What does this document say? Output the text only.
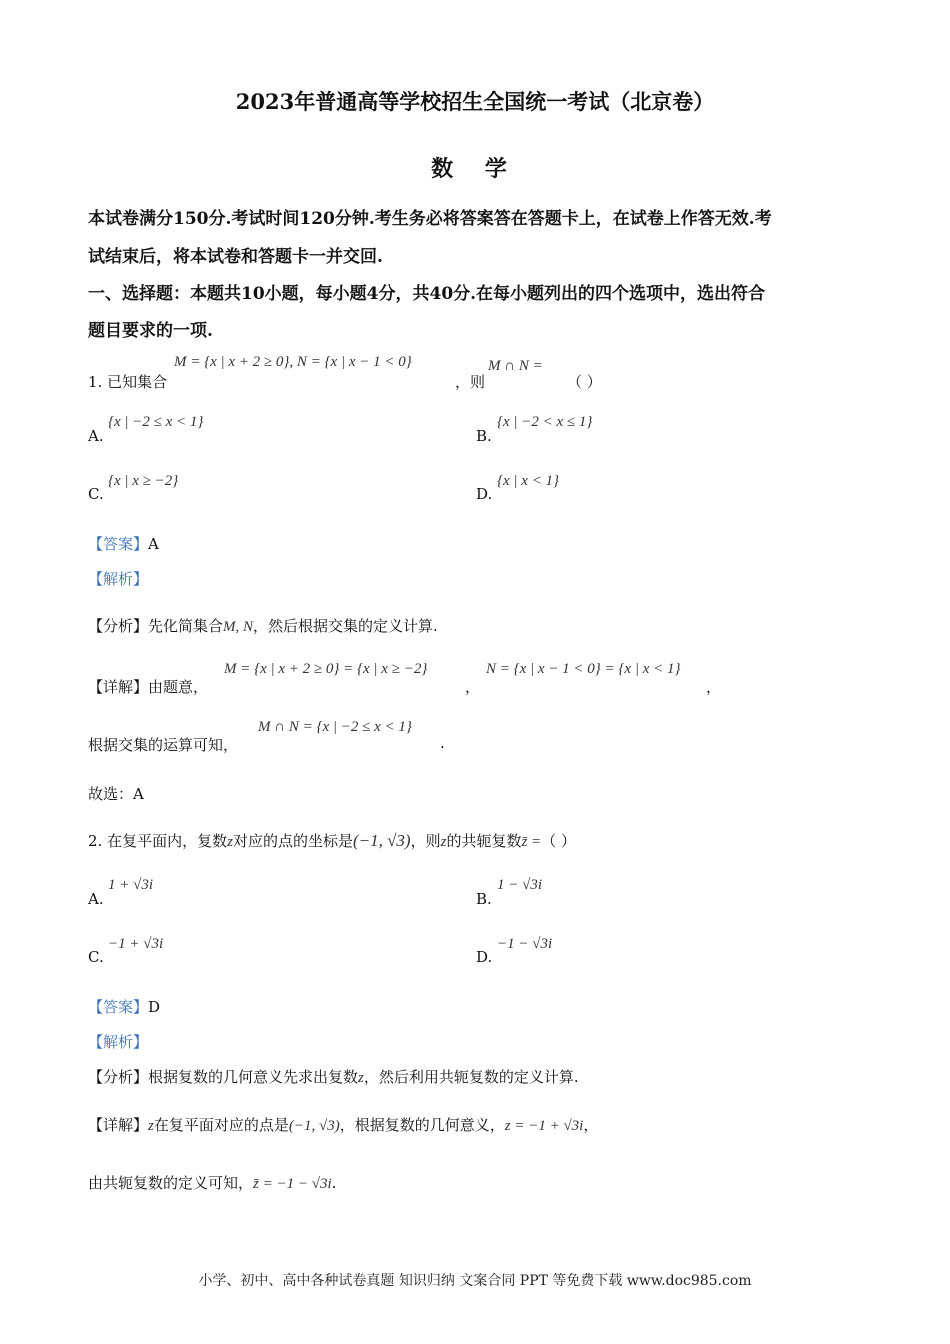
2023年普通高等学校招生全国统一考试（北京卷）
数 学
本试卷满分150分.考试时间120分钟.考生务必将答案答在答题卡上，在试卷上作答无效.考
试结束后，将本试卷和答题卡一并交回.
一、选择题：本题共10小题，每小题4分，共40分.在每小题列出的四个选项中，选出符合
题目要求的一项.
1. 已知集合
M = {x | x + 2 ≥ 0}, N = {x | x − 1 < 0}
，则
M ∩ N =
（ ）
A.
{x | −2 ≤ x < 1}
B.
{x | −2 < x ≤ 1}
C.
{x | x ≥ −2}
D.
{x | x < 1}
【答案】A
【解析】
【分析】先化简集合M, N，然后根据交集的定义计算.
【详解】由题意，
M = {x | x + 2 ≥ 0} = {x | x ≥ −2}
，
N = {x | x − 1 < 0} = {x | x < 1}
，
根据交集的运算可知，
M ∩ N = {x | −2 ≤ x < 1}
.
故选：A
2. 在复平面内，复数z对应的点的坐标是(−1, √3)，则z的共轭复数z̄ =（ ）
A.
1 + √3i
B.
1 − √3i
C.
−1 + √3i
D.
−1 − √3i
【答案】D
【解析】
【分析】根据复数的几何意义先求出复数z，然后利用共轭复数的定义计算.
【详解】z在复平面对应的点是(−1, √3)，根据复数的几何意义，z = −1 + √3i，
由共轭复数的定义可知，z̄ = −1 − √3i.
小学、初中、高中各种试卷真题 知识归纳 文案合同 PPT 等免费下载 www.doc985.com
